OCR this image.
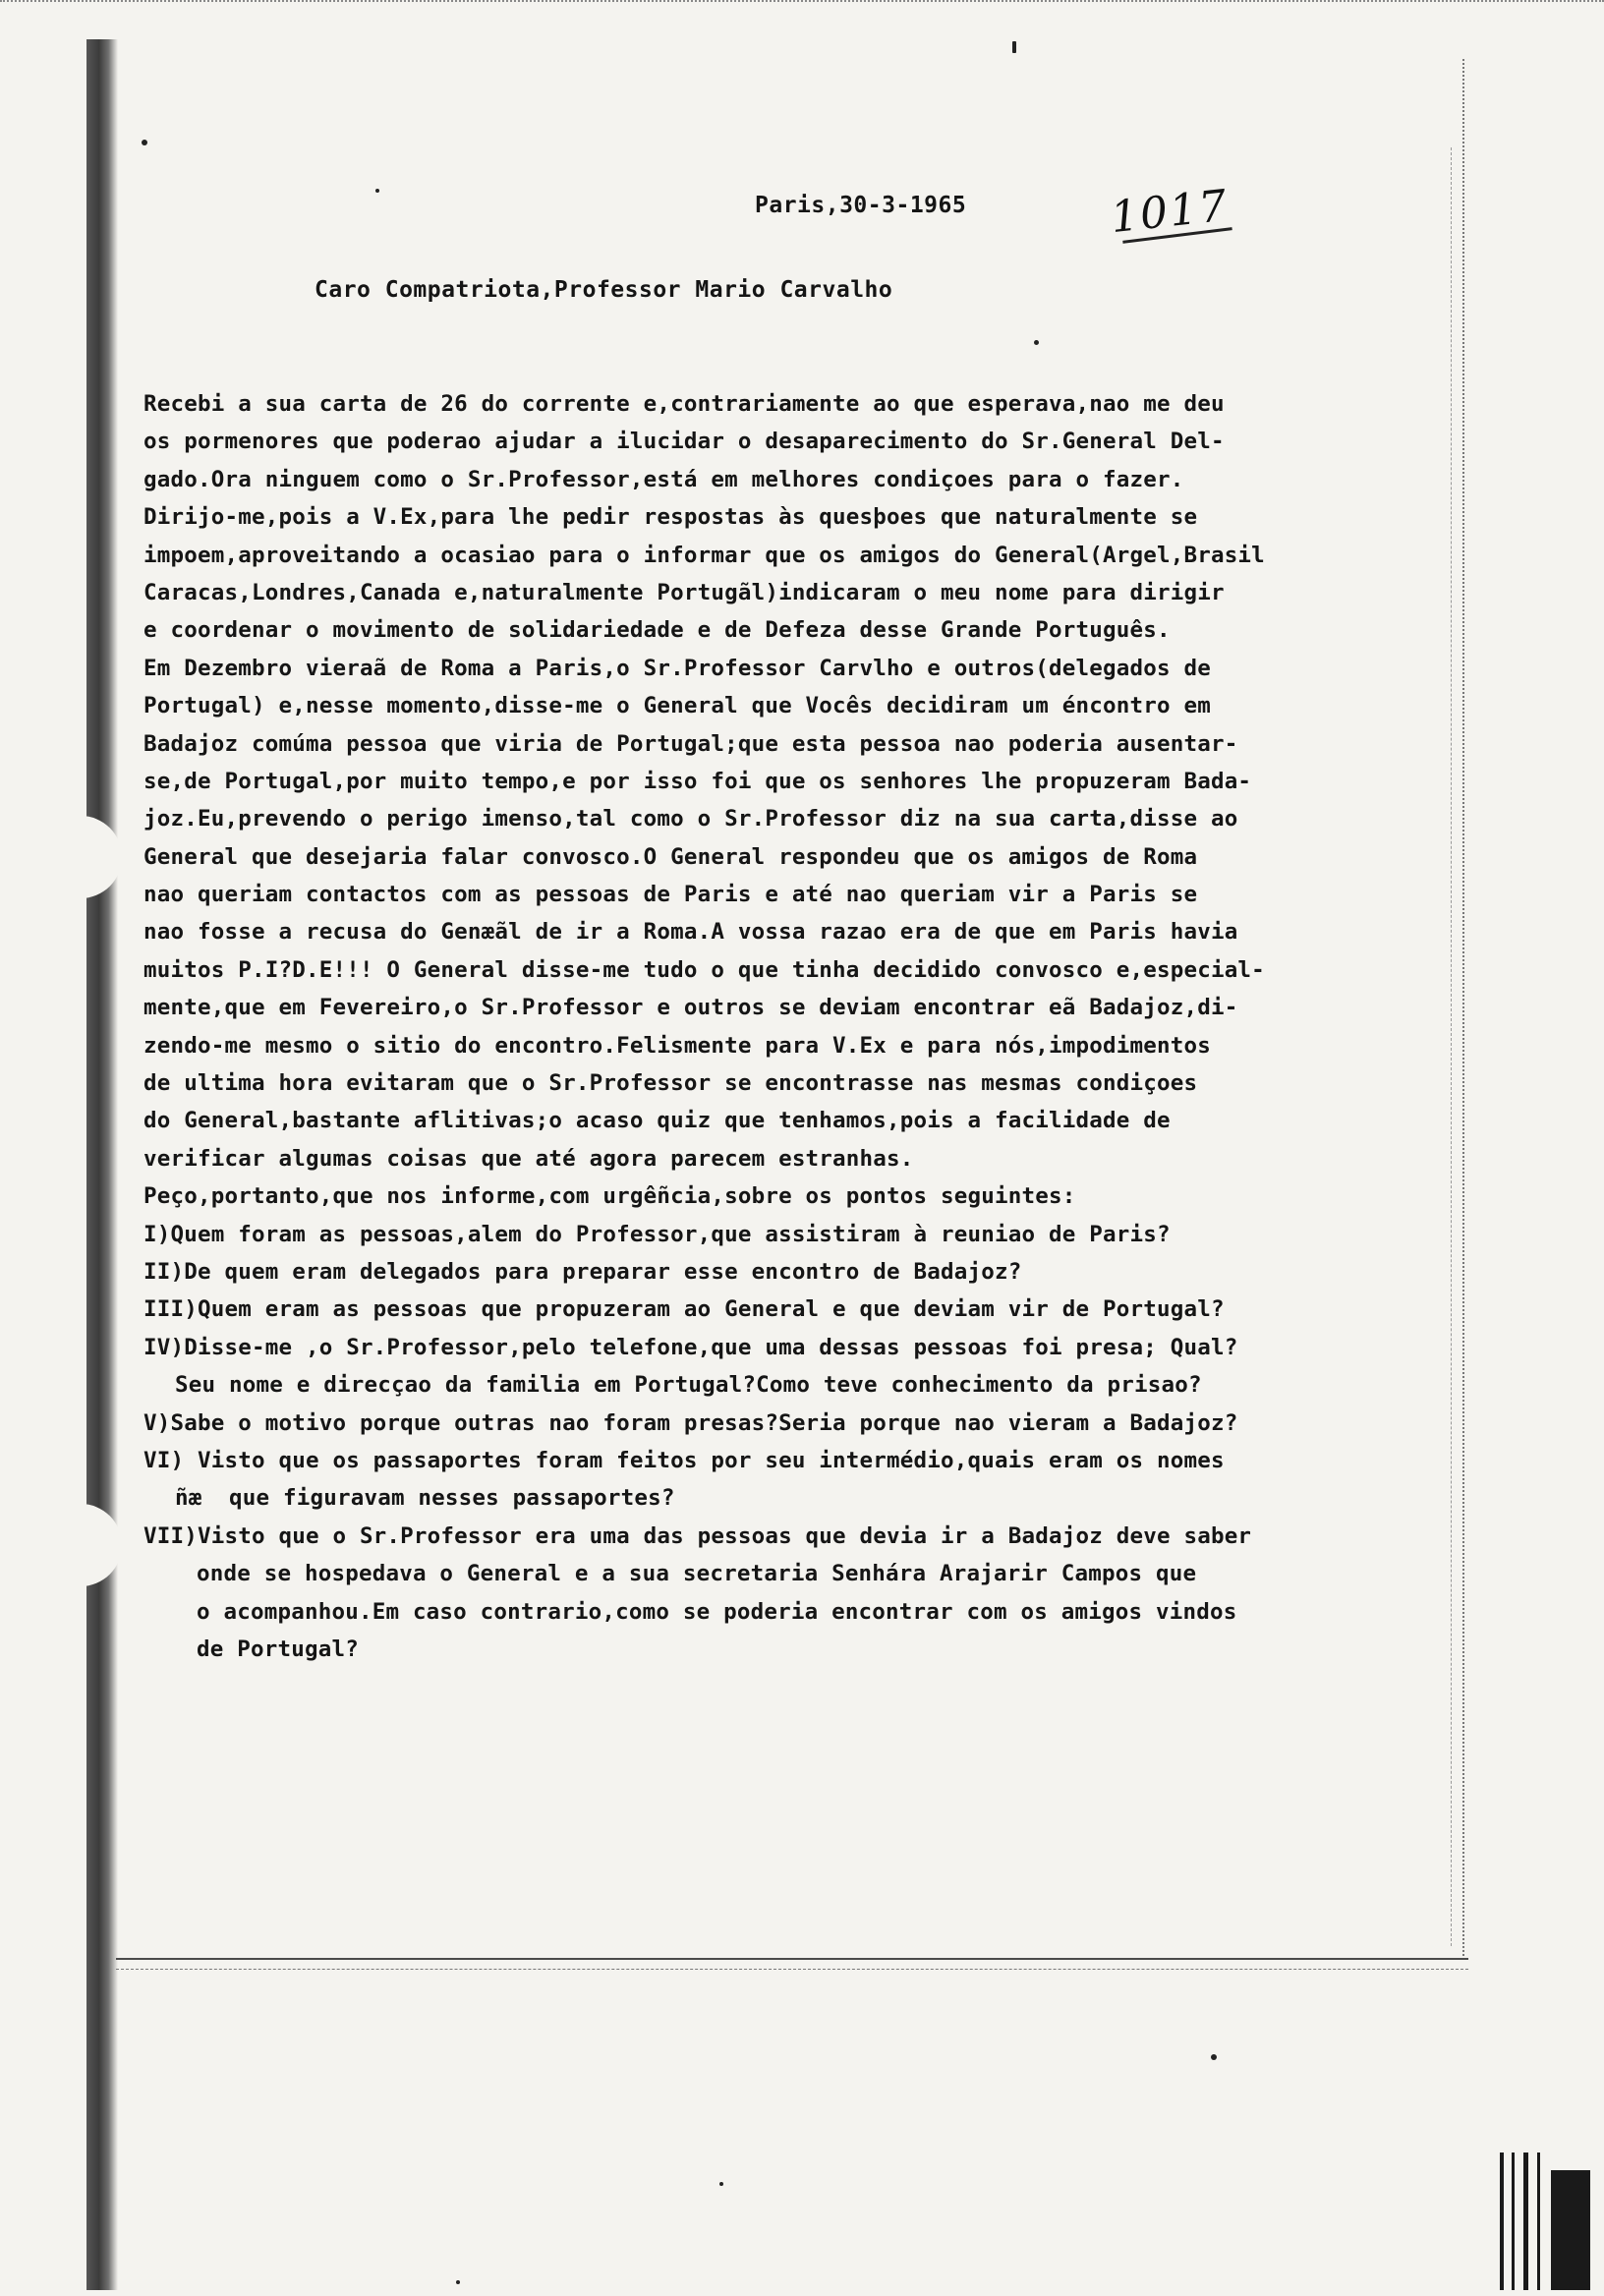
Paris,30-3-1965	1017
Caro Compatriota,Professor Mario Carvalho
Recebi a sua carta de 26 do corrente e,contrariamente ao que esperava,nao me deu
os pormenores que poderao ajudar a ilucidar o desaparecimento do Sr.General Del-
gado.Ora ninguem como o Sr.Professor,está em melhores condiçoes para o fazer.
Dirijo-me,pois a V.Ex,para lhe pedir respostas às quesþoes que naturalmente se
impoem,aproveitando a ocasiao para o informar que os amigos do General(Argel,Brasil
Caracas,Londres,Canada e,naturalmente Portugãl)indicaram o meu nome para dirigir
e coordenar o movimento de solidariedade e de Defeza desse Grande Português.
Em Dezembro vieraã de Roma a Paris,o Sr.Professor Carvlho e outros(delegados de
Portugal) e,nesse momento,disse-me o General que Vocês decidiram um éncontro em
Badajoz comúma pessoa que viria de Portugal;que esta pessoa nao poderia ausentar-
se,de Portugal,por muito tempo,e por isso foi que os senhores lhe propuzeram Bada-
joz.Eu,prevendo o perigo imenso,tal como o Sr.Professor diz na sua carta,disse ao
General que desejaria falar convosco.O General respondeu que os amigos de Roma
nao queriam contactos com as pessoas de Paris e até nao queriam vir a Paris se
nao fosse a recusa do Genæãl de ir a Roma.A vossa razao era de que em Paris havia
muitos P.I?D.E!!! O General disse-me tudo o que tinha decidido convosco e,especial-
mente,que em Fevereiro,o Sr.Professor e outros se deviam encontrar eã Badajoz,di-
zendo-me mesmo o sitio do encontro.Felismente para V.Ex e para nós,impodimentos
de ultima hora evitaram que o Sr.Professor se encontrasse nas mesmas condiçoes
do General,bastante aflitivas;o acaso quiz que tenhamos,pois a facilidade de
verificar algumas coisas que até agora parecem estranhas.
Peço,portanto,que nos informe,com urgêñcia,sobre os pontos seguintes:
I)Quem foram as pessoas,alem do Professor,que assistiram à reuniao de Paris?
II)De quem eram delegados para preparar esse encontro de Badajoz?
III)Quem eram as pessoas que propuzeram ao General e que deviam vir de Portugal?
IV)Disse-me ,o Sr.Professor,pelo telefone,que uma dessas pessoas foi presa; Qual?
Seu nome e direcçao da familia em Portugal?Como teve conhecimento da prisao?
V)Sabe o motivo porque outras nao foram presas?Seria porque nao vieram a Badajoz?
VI) Visto que os passaportes foram feitos por seu intermédio,quais eram os nomes
ñæ  que figuravam nesses passaportes?
VII)Visto que o Sr.Professor era uma das pessoas que devia ir a Badajoz deve saber
onde se hospedava o General e a sua secretaria Senhára Arajarir Campos que
o acompanhou.Em caso contrario,como se poderia encontrar com os amigos vindos
de Portugal?
